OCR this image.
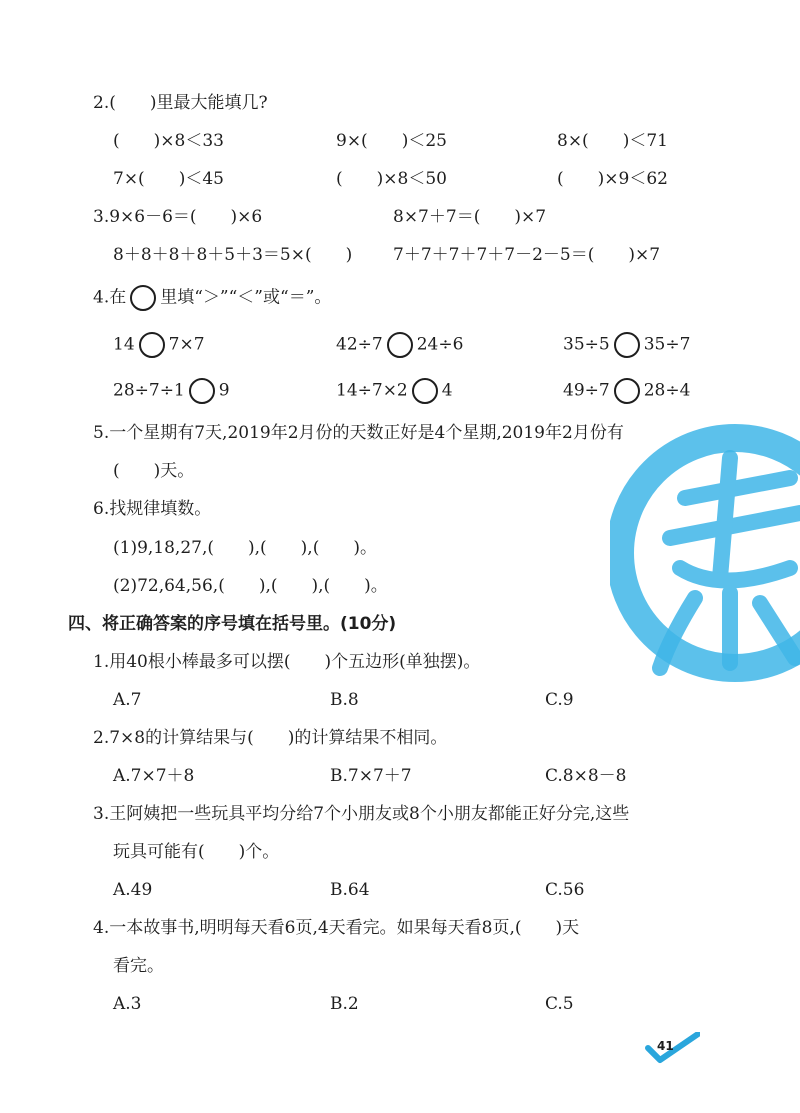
2.(　　)里最大能填几?
(　　)×8＜33	9×(　　)＜25	8×(　　)＜71
7×(　　)＜45	(　　)×8＜50	(　　)×9＜62
3.9×6－6＝(　　)×6	8×7＋7＝(　　)×7
8＋8＋8＋8＋5＋3＝5×(　　) 7＋7＋7＋7＋7－2－5＝(　　)×7
4.在 里填“＞”“＜”或“＝”。
14 7×7	42÷7 24÷6	35÷5 35÷7
28÷7÷1 9	14÷7×2 4	49÷7 28÷4
5.一个星期有7天,2019年2月份的天数正好是4个星期,2019年2月份有
(　　)天。
6.找规律填数。
(1)9,18,27,(　　),(　　),(　　)。
(2)72,64,56,(　　),(　　),(　　)。
四、将正确答案的序号填在括号里。(10分)
1.用40根小棒最多可以摆(　　)个五边形(单独摆)。
A.7	B.8	C.9
2.7×8的计算结果与(　　)的计算结果不相同。
A.7×7＋8	B.7×7＋7	C.8×8－8
3.王阿姨把一些玩具平均分给7个小朋友或8个小朋友都能正好分完,这些
玩具可能有(　　)个。
A.49	B.64	C.56
4.一本故事书,明明每天看6页,4天看完。如果每天看8页,(　　)天
看完。
A.3	B.2	C.5
41
